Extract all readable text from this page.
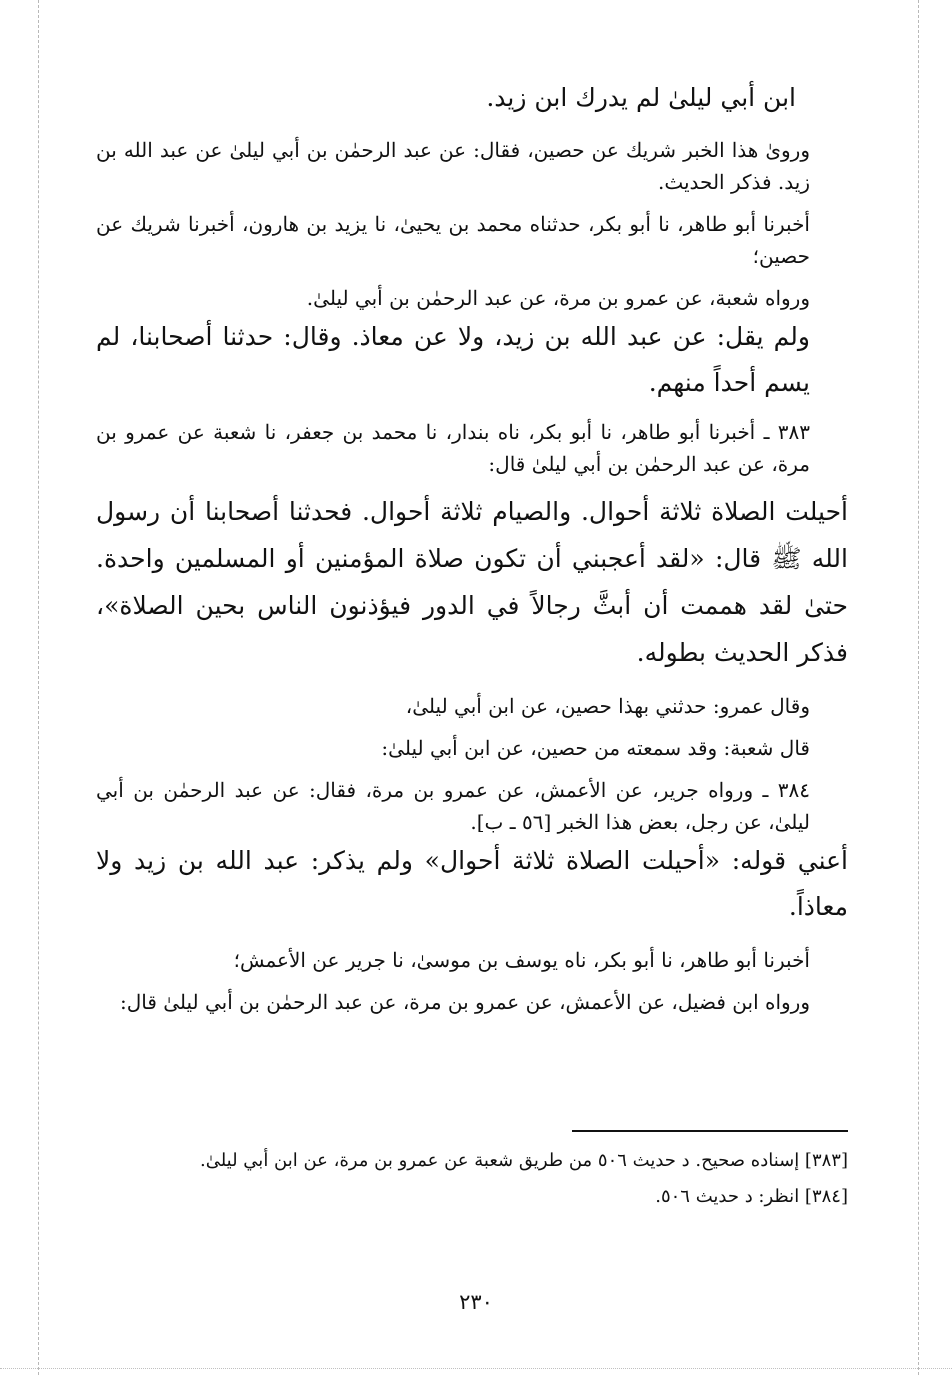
ابن أبي ليلىٰ لم يدرك ابن زيد.

ورویٰ هذا الخبر شريك عن حصين، فقال: عن عبد الرحمٰن بن أبي ليلىٰ عن عبد الله بن زيد. فذكر الحديث.

أخبرنا أبو طاهر، نا أبو بكر، حدثناه محمد بن يحيىٰ، نا يزيد بن هارون، أخبرنا شريك عن حصين؛

ورواه شعبة، عن عمرو بن مرة، عن عبد الرحمٰن بن أبي ليلىٰ.

ولم يقل: عن عبد الله بن زيد، ولا عن معاذ. وقال: حدثنا أصحابنا، لم يسم أحداً منهم.

٣٨٣ ـ أخبرنا أبو طاهر، نا أبو بكر، ناه بندار، نا محمد بن جعفر، نا شعبة عن عمرو بن مرة، عن عبد الرحمٰن بن أبي ليلىٰ قال:

أحيلت الصلاة ثلاثة أحوال. والصيام ثلاثة أحوال. فحدثنا أصحابنا أن رسول الله ﷺ قال: «لقد أعجبني أن تكون صلاة المؤمنين أو المسلمين واحدة. حتىٰ لقد هممت أن أبثَّ رجالاً في الدور فيؤذنون الناس بحين الصلاة»، فذكر الحديث بطوله.

وقال عمرو: حدثني بهذا حصين، عن ابن أبي ليلىٰ،

قال شعبة: وقد سمعته من حصين، عن ابن أبي ليلىٰ:

٣٨٤ ـ ورواه جرير، عن الأعمش، عن عمرو بن مرة، فقال: عن عبد الرحمٰن بن أبي ليلىٰ، عن رجل، بعض هذا الخبر [٥٦ ـ ب].

أعني قوله: «أحيلت الصلاة ثلاثة أحوال» ولم يذكر: عبد الله بن زيد ولا معاذاً.

أخبرنا أبو طاهر، نا أبو بكر، ناه يوسف بن موسىٰ، نا جرير عن الأعمش؛

ورواه ابن فضيل، عن الأعمش، عن عمرو بن مرة، عن عبد الرحمٰن بن أبي ليلىٰ قال:

[٣٨٣] إسناده صحيح. د حديث ٥٠٦ من طريق شعبة عن عمرو بن مرة، عن ابن أبي ليلىٰ.

[٣٨٤] انظر: د حديث ٥٠٦.

٢٣٠
